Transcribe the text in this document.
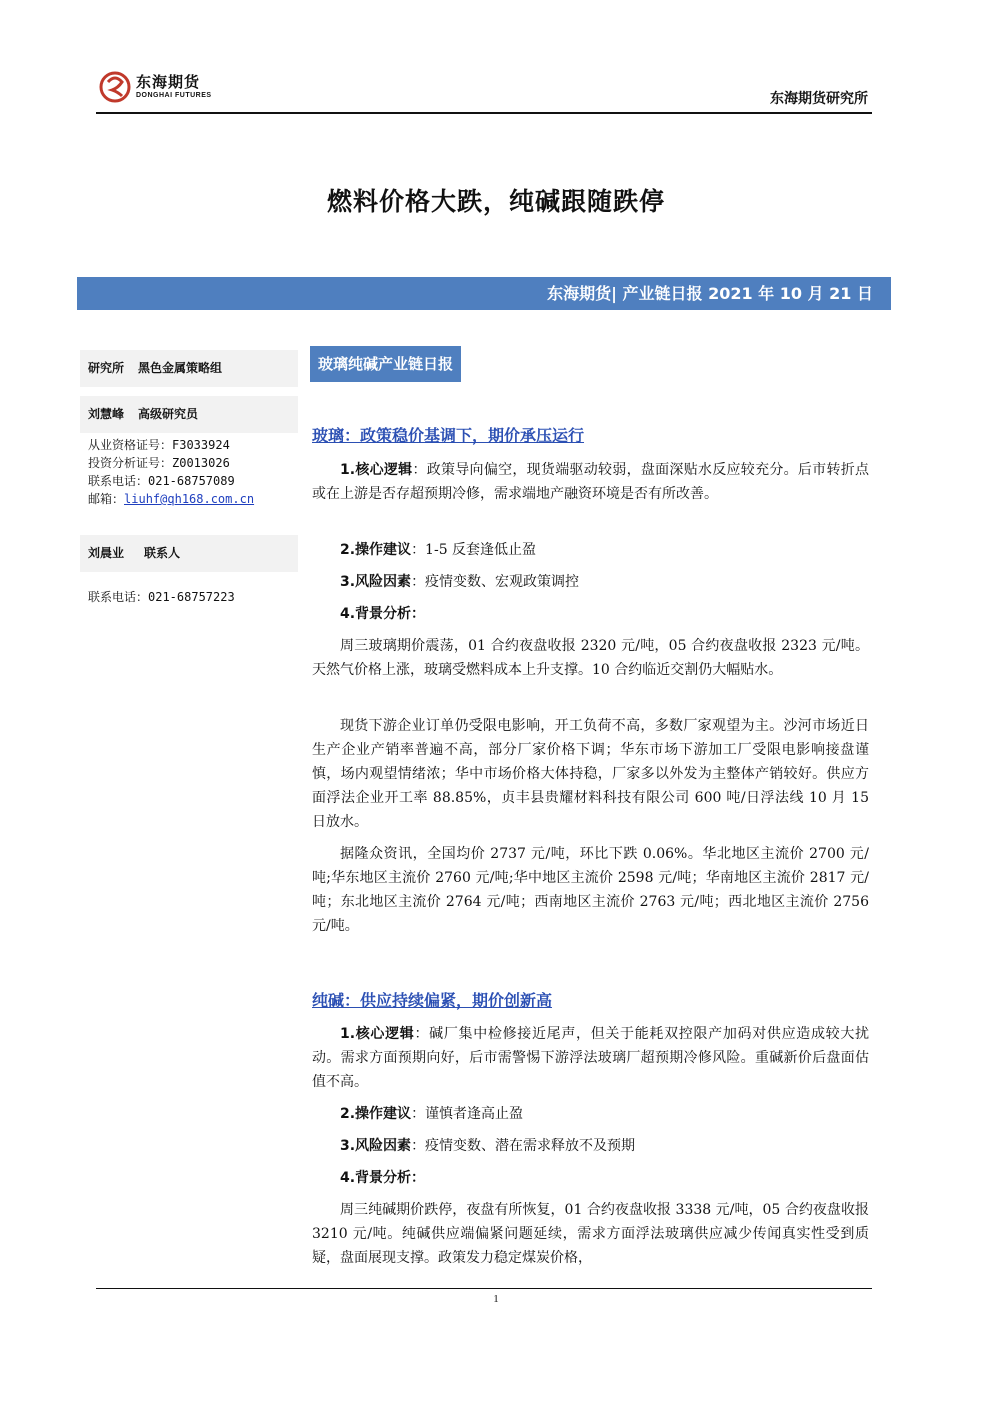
东海期货
DONGHAI FUTURES	东海期货研究所
燃料价格大跌，纯碱跟随跌停
东海期货| 产业链日报 2021 年 10 月 21 日
研究所 黑色金属策略组
刘慧峰 高级研究员
从业资格证号：F3033924
投资分析证号：Z0013026
联系电话：021-68757089
邮箱：liuhf@qh168.com.cn
刘晨业 联系人
联系电话：021-68757223
玻璃纯碱产业链日报
玻璃：政策稳价基调下，期价承压运行
1.核心逻辑：政策导向偏空，现货端驱动较弱，盘面深贴水反应较充分。后市转折点或在上游是否存超预期冷修，需求端地产融资环境是否有所改善。
2.操作建议：1-5 反套逢低止盈
3.风险因素：疫情变数、宏观政策调控
4.背景分析：
周三玻璃期价震荡，01 合约夜盘收报 2320 元/吨，05 合约夜盘收报 2323 元/吨。天然气价格上涨，玻璃受燃料成本上升支撑。10 合约临近交割仍大幅贴水。
现货下游企业订单仍受限电影响，开工负荷不高，多数厂家观望为主。沙河市场近日生产企业产销率普遍不高，部分厂家价格下调；华东市场下游加工厂受限电影响接盘谨慎，场内观望情绪浓；华中市场价格大体持稳，厂家多以外发为主整体产销较好。供应方面浮法企业开工率 88.85%，贞丰县贵耀材料科技有限公司 600 吨/日浮法线 10 月 15 日放水。
据隆众资讯，全国均价 2737 元/吨，环比下跌 0.06%。华北地区主流价 2700 元/吨;华东地区主流价 2760 元/吨;华中地区主流价 2598 元/吨；华南地区主流价 2817 元/吨；东北地区主流价 2764 元/吨；西南地区主流价 2763 元/吨；西北地区主流价 2756 元/吨。
纯碱：供应持续偏紧，期价创新高
1.核心逻辑：碱厂集中检修接近尾声，但关于能耗双控限产加码对供应造成较大扰动。需求方面预期向好，后市需警惕下游浮法玻璃厂超预期冷修风险。重碱新价后盘面估值不高。
2.操作建议：谨慎者逢高止盈
3.风险因素：疫情变数、潜在需求释放不及预期
4.背景分析：
周三纯碱期价跌停，夜盘有所恢复，01 合约夜盘收报 3338 元/吨，05 合约夜盘收报 3210 元/吨。纯碱供应端偏紧问题延续，需求方面浮法玻璃供应减少传闻真实性受到质疑，盘面展现支撑。政策发力稳定煤炭价格，
1
